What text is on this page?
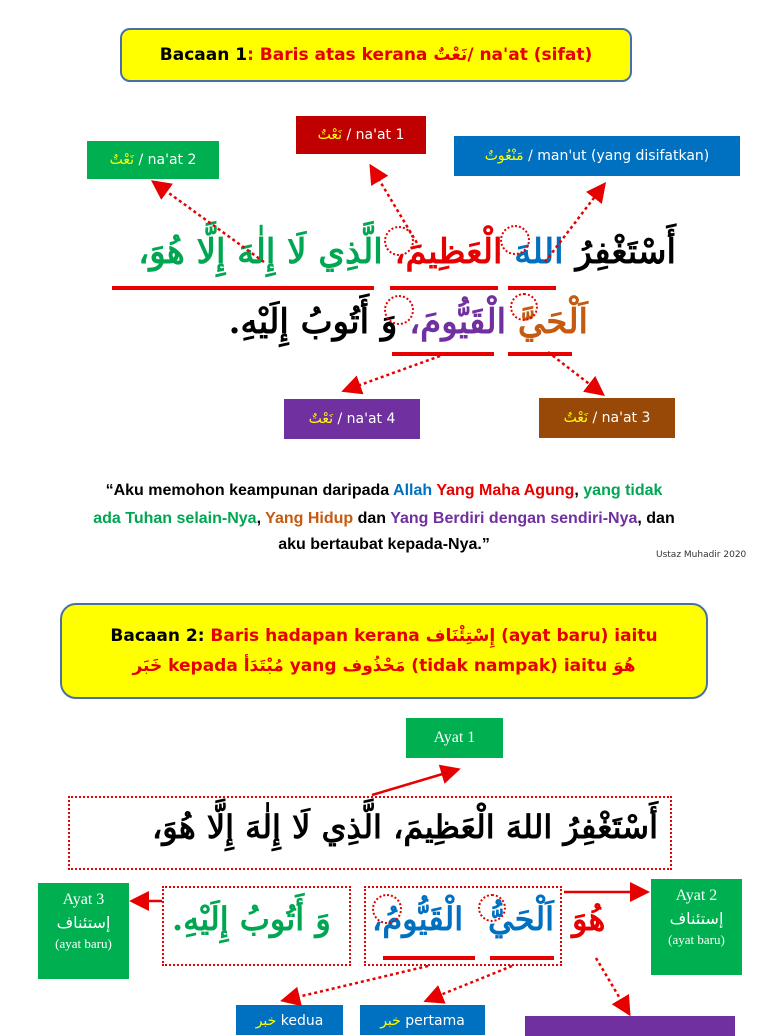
Bacaan 1 : Baris atas kerana نَعْتٌ / na'at (sifat)
نَعْتٌ / na'at 1
نَعْتٌ / na'at 2	مَنْعُوتٌ / man'ut (yang disifatkan)
نَعْتٌ / na'at 3
نَعْتٌ / na'at 4
أَسْتَغْفِرُ اللهَ الْعَظِيمَ، الَّذِي لَا إِلٰهَ إِلَّا هُوَ،
اَلْحَيَّ الْقَيُّومَ، وَ أَتُوبُ إِلَيْهِ.
“Aku memohon keampunan daripada Allah Yang Maha Agung, yang tidak
ada Tuhan selain-Nya, Yang Hidup dan Yang Berdiri dengan sendiri-Nya, dan
aku bertaubat kepada-Nya.”
Ustaz Muhadir 2020
Bacaan 2: Baris hadapan kerana إِسْتِئْنَاف (ayat baru) iaitu
خَبَر kepada مُبْتَدَأ yang مَحْذُوف (tidak nampak) iaitu هُوَ
Ayat 1
أَسْتَغْفِرُ اللهَ الْعَظِيمَ، الَّذِي لَا إِلٰهَ إِلَّا هُوَ،
Ayat 3
إستئناف
(ayat baru)
Ayat 2
إستئناف
(ayat baru)
وَ أَتُوبُ إِلَيْهِ. الْقَيُّومُ، اَلْحَيُّ هُوَ
خبر
kedua	خبر
pertama
